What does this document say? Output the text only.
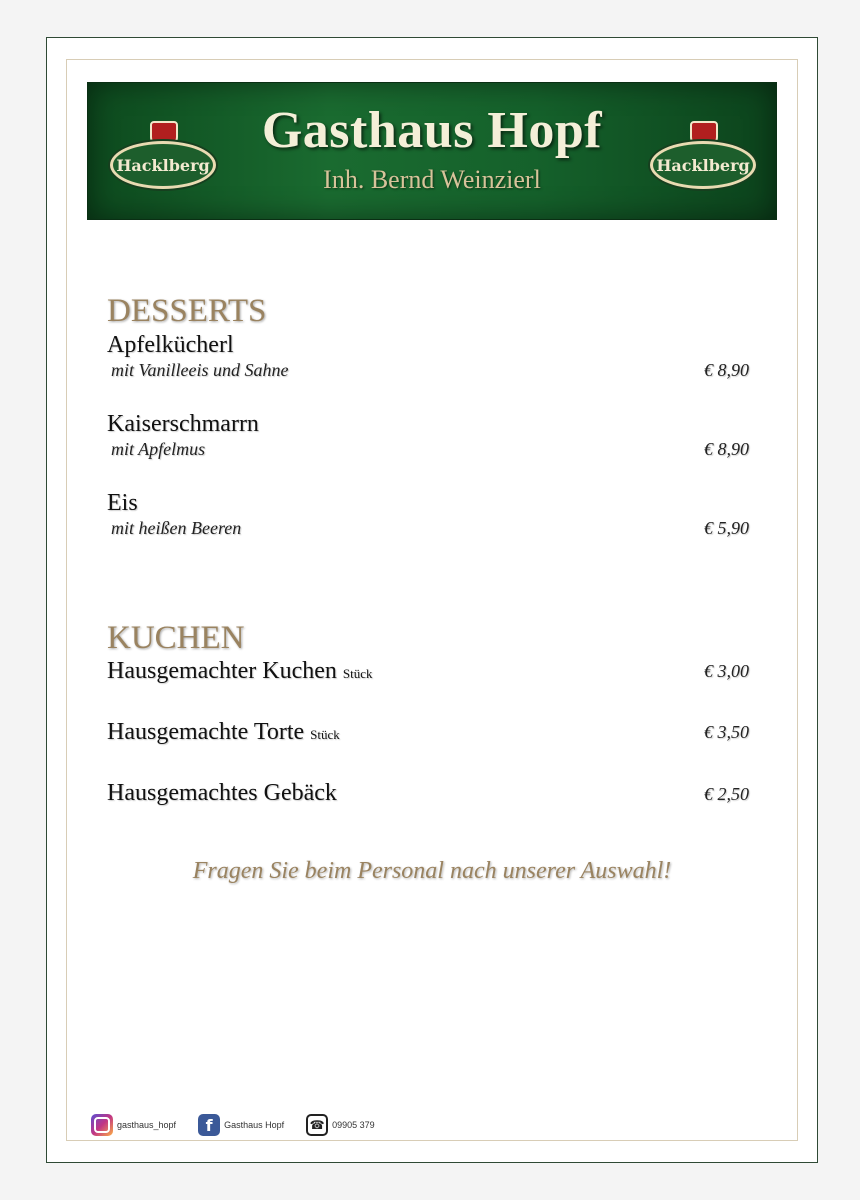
Hacklberg
Gasthaus Hopf
Inh. Bernd Weinzierl	Hacklberg
DESSERTS
Apfelkücherl
mit Vanilleeis und Sahne	€ 8,90
Kaiserschmarrn
mit Apfelmus	€ 8,90
Eis
mit heißen Beeren	€ 5,90
KUCHEN
Hausgemachter Kuchen Stück	€ 3,00
Hausgemachte Torte Stück	€ 3,50
Hausgemachtes Gebäck	€ 2,50
Fragen Sie beim Personal nach unserer Auswahl!
gasthaus_hopf	f	Gasthaus Hopf ☎ 09905 379
